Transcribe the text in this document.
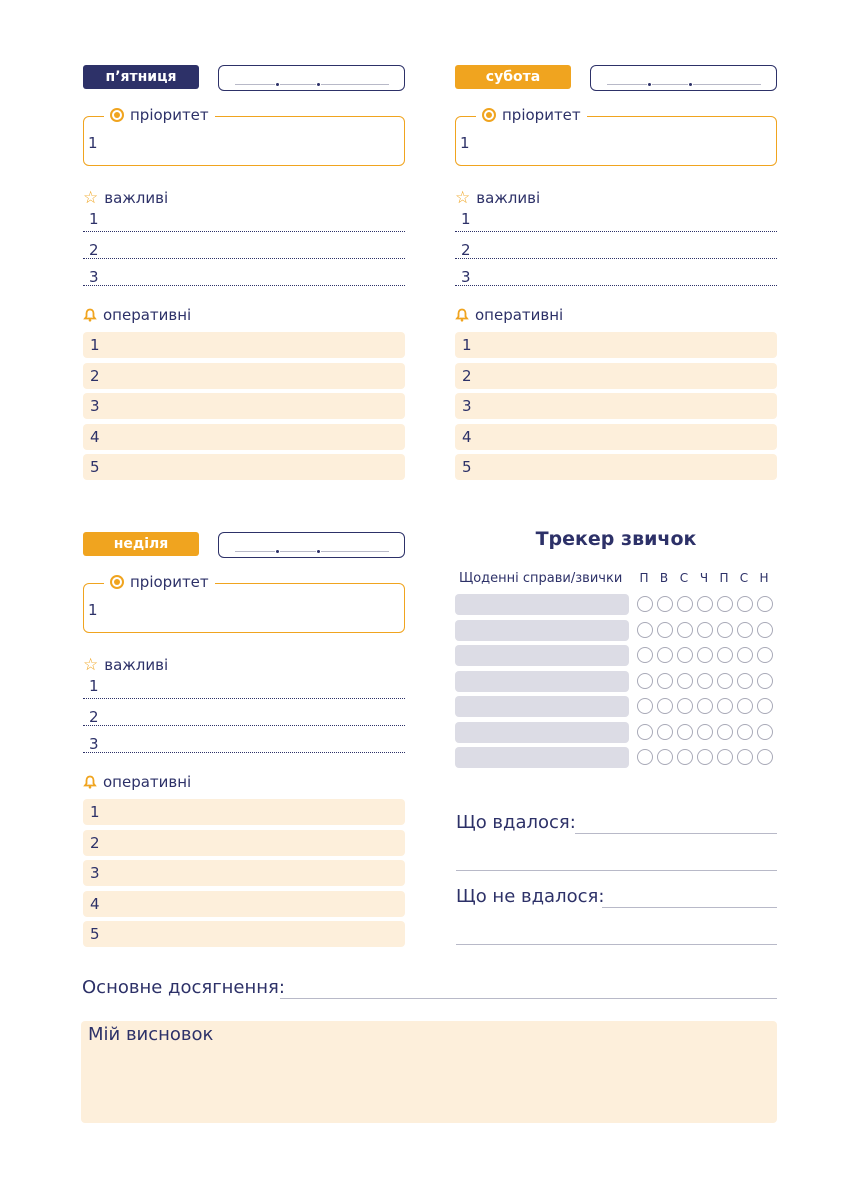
п’ятниця
пріоритет
1
☆ важливі
1
2
3
оперативні
1
2
3
4
5
субота
пріоритет
1
☆ важливі
1
2
3
оперативні
1
2
3
4
5
неділя
пріоритет
1
☆ важливі
1
2
3
оперативні
1
2
3
4
5
Трекер звичок
Щоденні справи/звички П В С Ч П С Н
Що вдалося:
Що не вдалося:
Основне досягнення:
Мій висновок
